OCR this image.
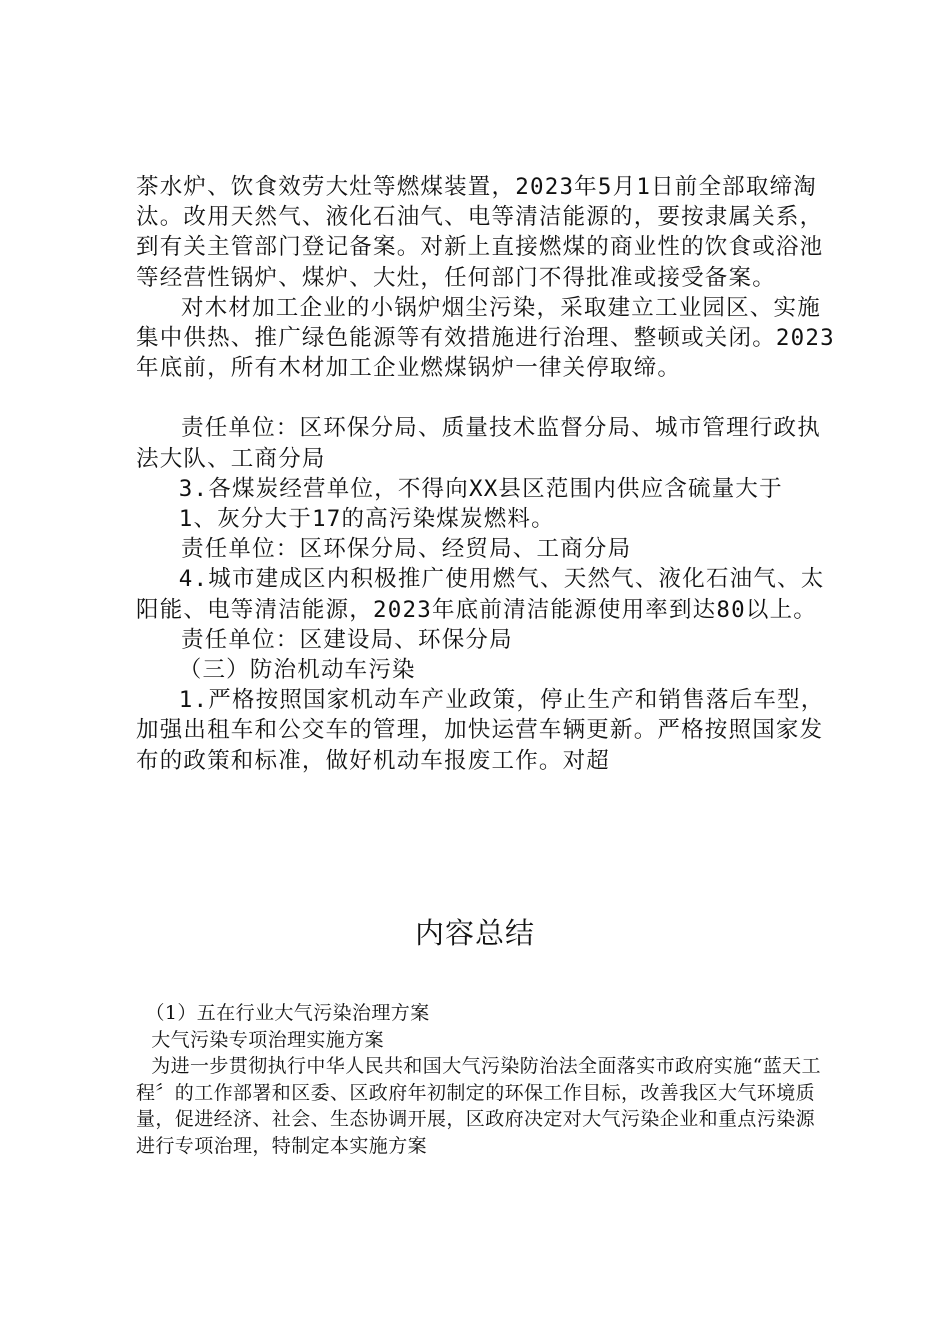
茶水炉、饮食效劳大灶等燃煤装置，2023年5月1日前全部取缔淘汰。改用天然气、液化石油气、电等清洁能源的，要按隶属关系，到有关主管部门登记备案。对新上直接燃煤的商业性的饮食或浴池等经营性锅炉、煤炉、大灶，任何部门不得批准或接受备案。

对木材加工企业的小锅炉烟尘污染，采取建立工业园区、实施集中供热、推广绿色能源等有效措施进行治理、整顿或关闭。2023年底前，所有木材加工企业燃煤锅炉一律关停取缔。

责任单位：区环保分局、质量技术监督分局、城市管理行政执法大队、工商分局

3.各煤炭经营单位，不得向XX县区范围内供应含硫量大于

1、灰分大于17的高污染煤炭燃料。

责任单位：区环保分局、经贸局、工商分局

4.城市建成区内积极推广使用燃气、天然气、液化石油气、太阳能、电等清洁能源，2023年底前清洁能源使用率到达80以上。

责任单位：区建设局、环保分局

（三）防治机动车污染

1.严格按照国家机动车产业政策，停止生产和销售落后车型，加强出租车和公交车的管理，加快运营车辆更新。严格按照国家发布的政策和标准，做好机动车报废工作。对超

内容总结

（1）五在行业大气污染治理方案

大气污染专项治理实施方案

为进一步贯彻执行中华人民共和国大气污染防治法全面落实市政府实施“蓝天工程〞的工作部署和区委、区政府年初制定的环保工作目标，改善我区大气环境质量，促进经济、社会、生态协调开展，区政府决定对大气污染企业和重点污染源进行专项治理，特制定本实施方案
